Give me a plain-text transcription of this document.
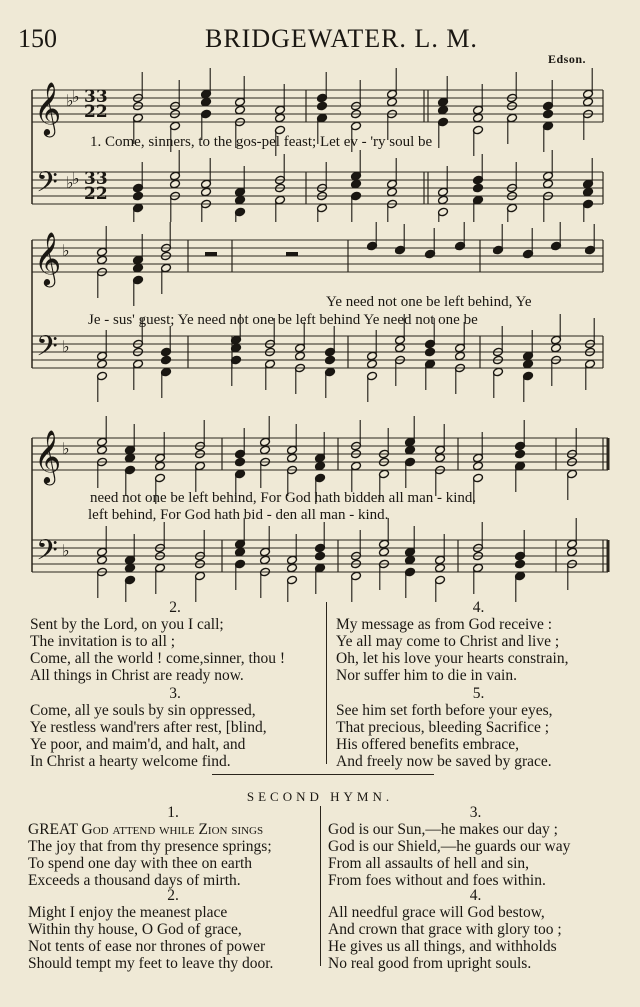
150	BRIDGEWATER. L. M.
Edson.
𝄞
𝄢
♭
♭
♭
♭
33
22
33
22
1. Come, sinners, to the gos-pel feast; Let ev - 'ry soul be
𝄞
𝄢
♭
♭
Ye need not one be left behind, Ye
Je - sus' guest; Ye need not one be left behind Ye need not one be
𝄞
𝄢
♭
♭
need not one be left behind, For God hath bidden all man - kind.
left behind, For God hath bid - den all man - kind.
2.
Sent by the Lord, on you I call;
The invitation is to all ;
Come, all the world ! come,sinner, thou !
All things in Christ are ready now.
3.
Come, all ye souls by sin oppressed,
Ye restless wand'rers after rest, [blind,
Ye poor, and maim'd, and halt, and
In Christ a hearty welcome find.
4.
My message as from God receive :
Ye all may come to Christ and live ;
Oh, let his love your hearts constrain,
Nor suffer him to die in vain.
5.
See him set forth before your eyes,
That precious, bleeding Sacrifice ;
His offered benefits embrace,
And freely now be saved by grace.
SECOND HYMN.
1.
GREAT God attend while Zion sings
The joy that from thy presence springs;
To spend one day with thee on earth
Exceeds a thousand days of mirth.
2.
Might I enjoy the meanest place
Within thy house, O God of grace,
Not tents of ease nor thrones of power
Should tempt my feet to leave thy door.
3.
God is our Sun,—he makes our day ;
God is our Shield,—he guards our way
From all assaults of hell and sin,
From foes without and foes within.
4.
All needful grace will God bestow,
And crown that grace with glory too ;
He gives us all things, and withholds
No real good from upright souls.
